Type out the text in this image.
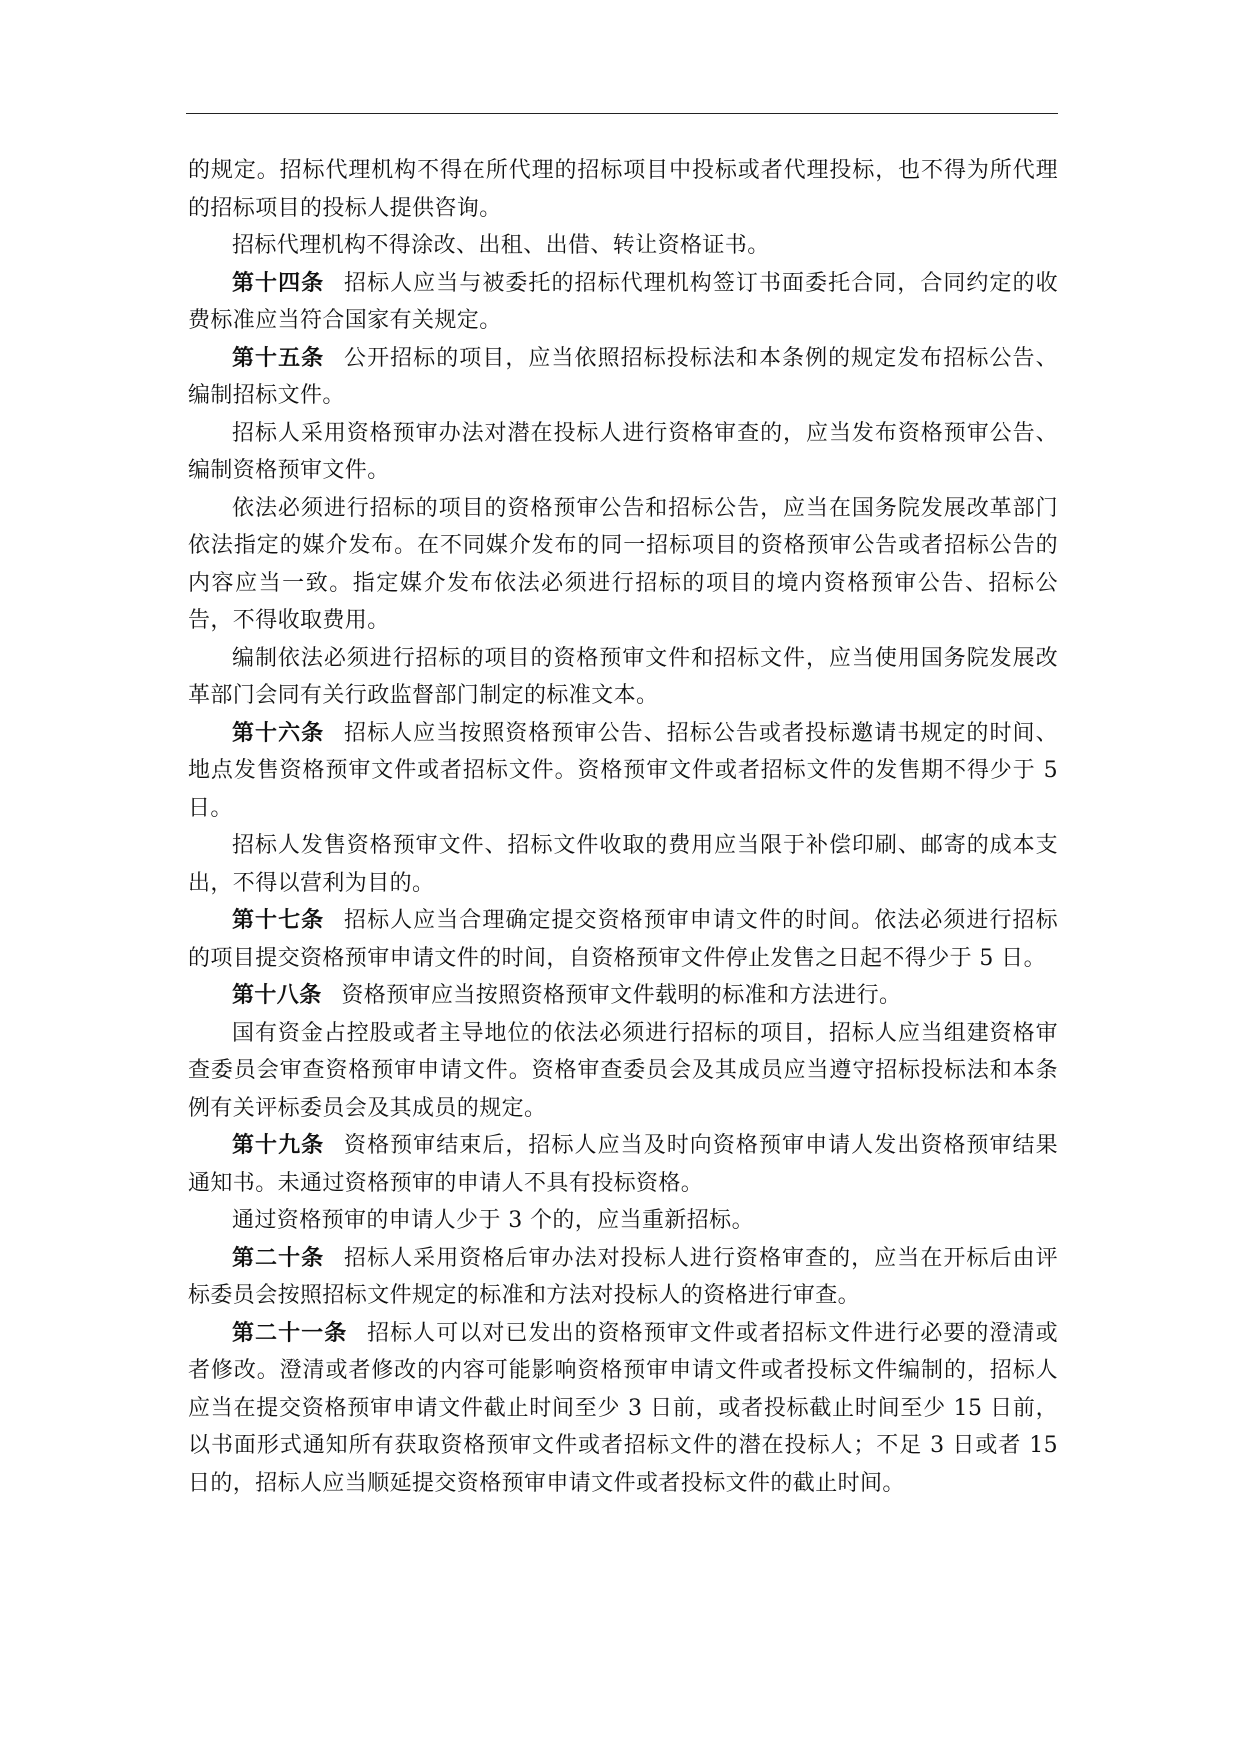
的规定。招标代理机构不得在所代理的招标项目中投标或者代理投标，也不得为所代理的招标项目的投标人提供咨询。

招标代理机构不得涂改、出租、出借、转让资格证书。

第十四条 招标人应当与被委托的招标代理机构签订书面委托合同，合同约定的收费标准应当符合国家有关规定。

第十五条 公开招标的项目，应当依照招标投标法和本条例的规定发布招标公告、编制招标文件。

招标人采用资格预审办法对潜在投标人进行资格审查的，应当发布资格预审公告、编制资格预审文件。

依法必须进行招标的项目的资格预审公告和招标公告，应当在国务院发展改革部门依法指定的媒介发布。在不同媒介发布的同一招标项目的资格预审公告或者招标公告的内容应当一致。指定媒介发布依法必须进行招标的项目的境内资格预审公告、招标公告，不得收取费用。

编制依法必须进行招标的项目的资格预审文件和招标文件，应当使用国务院发展改革部门会同有关行政监督部门制定的标准文本。

第十六条 招标人应当按照资格预审公告、招标公告或者投标邀请书规定的时间、地点发售资格预审文件或者招标文件。资格预审文件或者招标文件的发售期不得少于 5 日。

招标人发售资格预审文件、招标文件收取的费用应当限于补偿印刷、邮寄的成本支出，不得以营利为目的。

第十七条 招标人应当合理确定提交资格预审申请文件的时间。依法必须进行招标的项目提交资格预审申请文件的时间，自资格预审文件停止发售之日起不得少于 5 日。

第十八条 资格预审应当按照资格预审文件载明的标准和方法进行。

国有资金占控股或者主导地位的依法必须进行招标的项目，招标人应当组建资格审查委员会审查资格预审申请文件。资格审查委员会及其成员应当遵守招标投标法和本条例有关评标委员会及其成员的规定。

第十九条 资格预审结束后，招标人应当及时向资格预审申请人发出资格预审结果通知书。未通过资格预审的申请人不具有投标资格。

通过资格预审的申请人少于 3 个的，应当重新招标。

第二十条 招标人采用资格后审办法对投标人进行资格审查的，应当在开标后由评标委员会按照招标文件规定的标准和方法对投标人的资格进行审查。

第二十一条 招标人可以对已发出的资格预审文件或者招标文件进行必要的澄清或者修改。澄清或者修改的内容可能影响资格预审申请文件或者投标文件编制的，招标人应当在提交资格预审申请文件截止时间至少 3 日前，或者投标截止时间至少 15 日前，以书面形式通知所有获取资格预审文件或者招标文件的潜在投标人；不足 3 日或者 15 日的，招标人应当顺延提交资格预审申请文件或者投标文件的截止时间。
